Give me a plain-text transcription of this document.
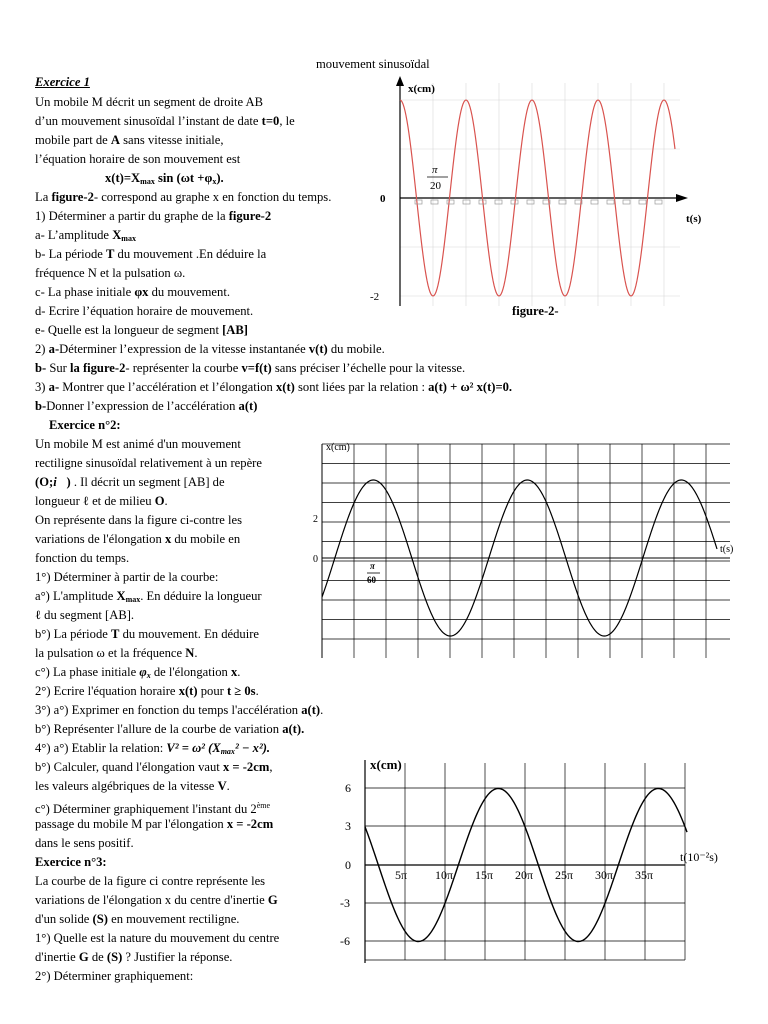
mouvement sinusoïdal
Exercice 1
Un mobile M décrit un segment de droite AB
d’un mouvement sinusoïdal l’instant de date t=0, le
mobile part de A sans vitesse initiale,
l’équation horaire de son mouvement est
$x(t)=X_{max}$ $\sin (\omega t +\varphi_x)$.
La figure-2- correspond au graphe x en fonction du temps.
1) Déterminer a partir du graphe de la figure-2
a- L’amplitude $X_{max}$
b- La période T du mouvement .En déduire la
fréquence N et la pulsation ω.
c- La phase initiale φx du mouvement.
d- Ecrire l’équation horaire de mouvement.
e- Quelle est la longueur de segment [AB]
2) a-Déterminer l’expression de la vitesse instantanée v(t) du mobile.
b- Sur la figure-2- représenter la courbe v=f(t) sans préciser l’échelle pour la vitesse.
3) a- Montrer que l’accélération et l’élongation x(t) sont liées par la relation : a(t) + ω² x(t)=0.
b-Donner l’expression de l’accélération a(t)
x(cm)
t(s)
0
-2
π
20
figure-2-
Exercice n°2:
Un mobile M est animé d'un mouvement
rectiligne sinusoïdal relativement à un repère
(O;i⃗) . Il décrit un segment [AB] de
longueur ℓ et de milieu O.
On représente dans la figure ci-contre les
variations de l'élongation x du mobile en
fonction du temps.
1°) Déterminer à partir de la courbe:
a°) L'amplitude $X_{max}$. En déduire la longueur
ℓ du segment [AB].
b°) La période T du mouvement. En déduire
la pulsation ω et la fréquence N.
c°) La phase initiale $\varphi_x$ de l'élongation x.
2°) Ecrire l'équation horaire x(t) pour t ≥ 0s.
3°) a°) Exprimer en fonction du temps l'accélération a(t).
b°) Représenter l'allure de la courbe de variation a(t).
4°) a°) Etablir la relation: V² = ω² $(X_{max}^2 - x^2)$.
b°) Calculer, quand l'élongation vaut x = -2cm,
les valeurs algébriques de la vitesse V.
c°) Déterminer graphiquement l'instant du 2ème
passage du mobile M par l'élongation x = -2cm
dans le sens positif.
x(cm)
t(s)
2
0
π
60
Exercice n°3:
La courbe de la figure ci contre représente les
variations de l'élongation x du centre d'inertie G
d'un solide (S) en mouvement rectiligne.
1°) Quelle est la nature du mouvement du centre
d'inertie G de (S) ? Justifier la réponse.
2°) Déterminer graphiquement:
x(cm)
t(10⁻²s)
6
3
0
-3
-6
5π 10π 15π 20π 25π 30π 35π
